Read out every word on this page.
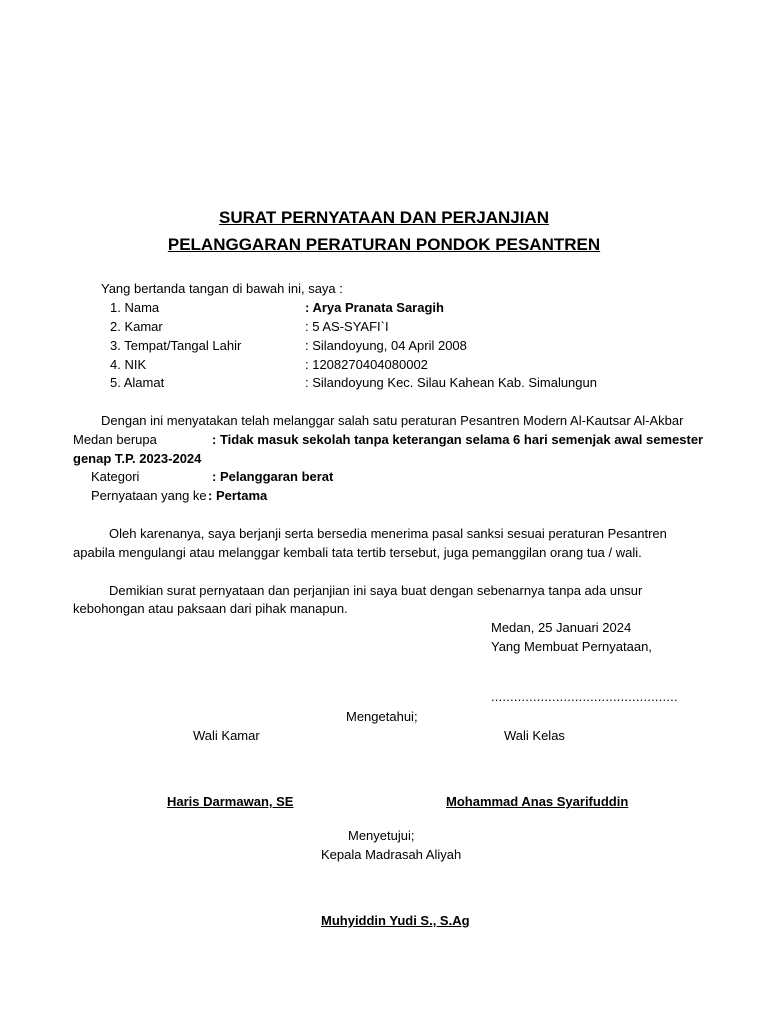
SURAT PERNYATAAN DAN PERJANJIAN
PELANGGARAN PERATURAN PONDOK PESANTREN
Yang bertanda tangan di bawah ini, saya :
1. Nama	: Arya Pranata Saragih
2. Kamar	: 5 AS-SYAFI`I
3. Tempat/Tangal Lahir	: Silandoyung, 04 April 2008
4. NIK	: 1208270404080002
5. Alamat	: Silandoyung Kec. Silau Kahean Kab. Simalungun
Dengan ini menyatakan telah melanggar salah satu peraturan Pesantren Modern Al-Kautsar Al-Akbar
Medan berupa	: Tidak masuk sekolah tanpa keterangan selama 6 hari semenjak awal semester
genap T.P. 2023-2024
Kategori	: Pelanggaran berat
Pernyataan yang ke : Pertama
Oleh karenanya, saya berjanji serta bersedia menerima pasal sanksi sesuai peraturan Pesantren
apabila mengulangi atau melanggar kembali tata tertib tersebut, juga pemanggilan orang tua / wali.
Demikian surat pernyataan dan perjanjian ini saya buat dengan sebenarnya tanpa ada unsur
kebohongan atau paksaan dari pihak manapun.
Medan, 25 Januari 2024
Yang Membuat Pernyataan,
.................................................
Mengetahui;
Wali Kamar	Wali Kelas
Haris Darmawan, SE	Mohammad Anas Syarifuddin
Menyetujui;
Kepala Madrasah Aliyah
Muhyiddin Yudi S., S.Ag
